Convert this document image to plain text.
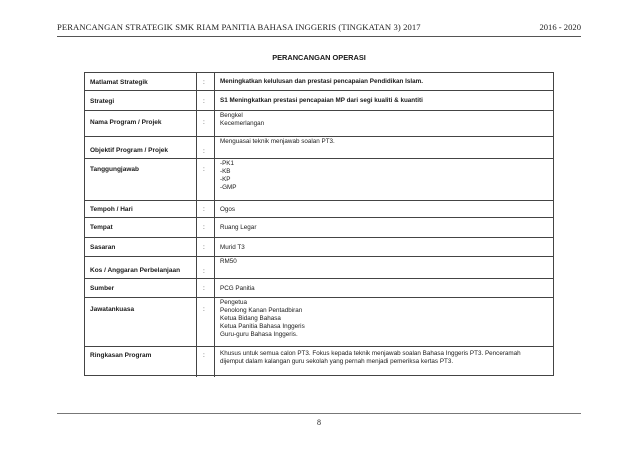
PERANCANGAN STRATEGIK SMK RIAM PANITIA BAHASA INGGERIS (TINGKATAN 3) 2017	2016 - 2020
PERANCANGAN OPERASI
Matlamat Strategik	: Meningkatkan kelulusan dan prestasi pencapaian Pendidikan Islam.
Strategi	: S1 Meningkatkan prestasi pencapaian MP dari segi kualiti & kuantiti
Nama Program / Projek	:
Bengkel
Kecemerlangan
Objektif Program / Projek	:
Menguasai teknik menjawab soalan PT3.
Tanggungjawab	:
-PK1
-KB
-KP
-GMP
Tempoh / Hari	: Ogos
Tempat	: Ruang Legar
Sasaran	: Murid T3
Kos / Anggaran Perbelanjaan	:
RM50
Sumber	: PCG Panitia
Jawatankuasa	:
Pengetua
Penolong Kanan Pentadbiran
Ketua Bidang Bahasa
Ketua Panitia Bahasa Inggeris
Guru-guru Bahasa Inggeris.
Ringkasan Program	: Khusus untuk semua calon PT3. Fokus kepada teknik menjawab soalan Bahasa Inggeris PT3. Penceramah
dijemput dalam kalangan guru sekolah yang pernah menjadi pemeriksa kertas PT3.
8
